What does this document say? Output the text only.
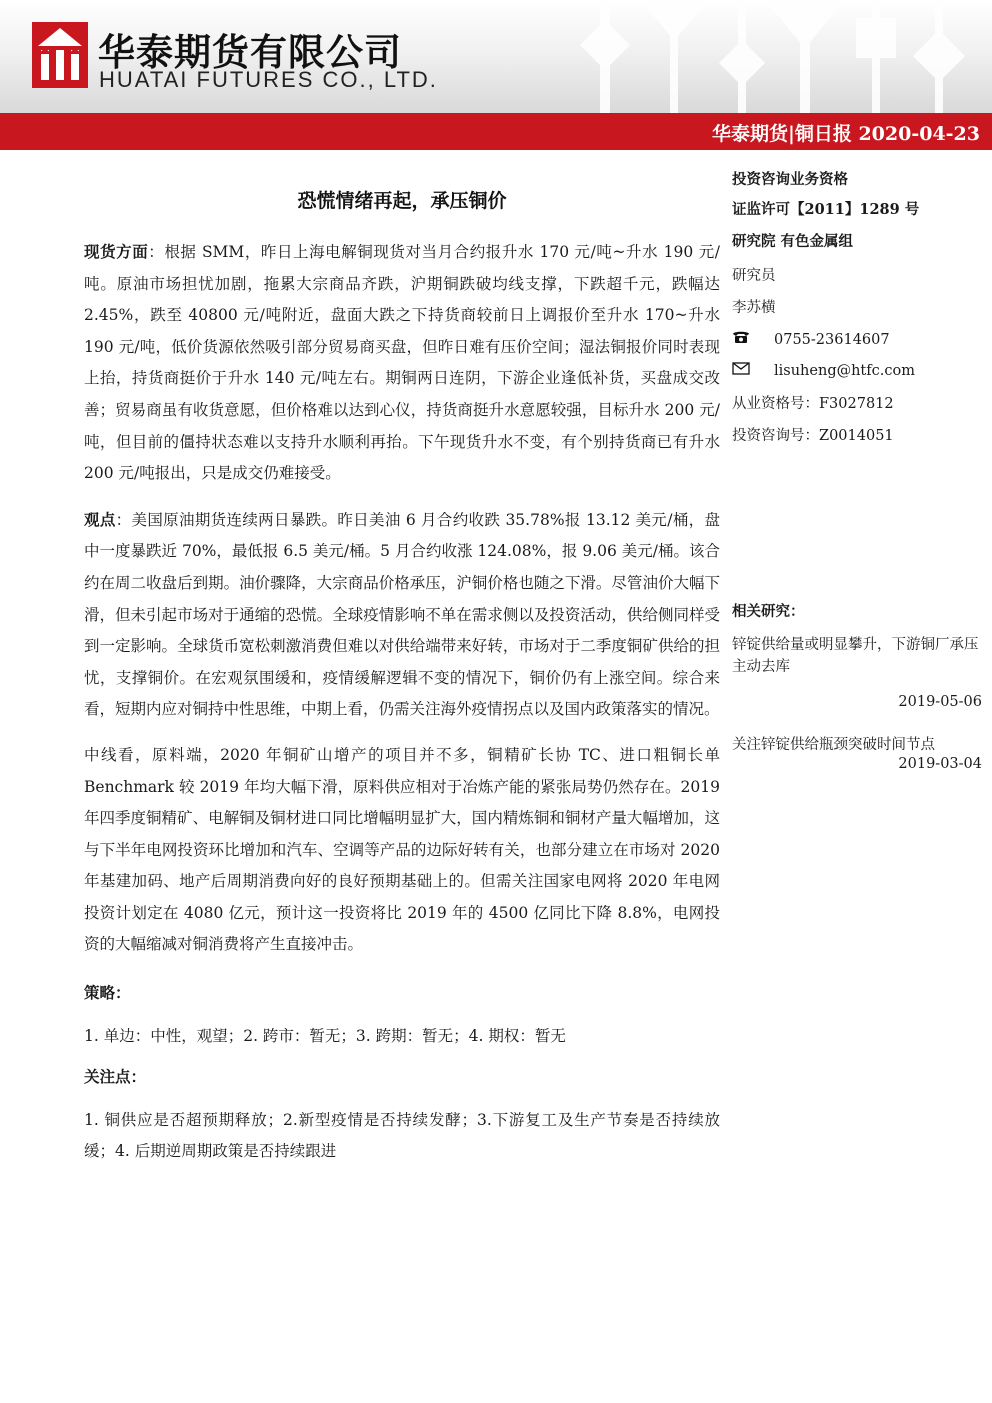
华泰期货有限公司
HUATAI FUTURES CO., LTD.
华泰期货|铜日报 2020-04-23
恐慌情绪再起，承压铜价

现货方面：根据 SMM，昨日上海电解铜现货对当月合约报升水 170 元/吨~升水 190 元/吨。原油市场担忧加剧，拖累大宗商品齐跌，沪期铜跌破均线支撑，下跌超千元，跌幅达 2.45%，跌至 40800 元/吨附近，盘面大跌之下持货商较前日上调报价至升水 170~升水 190 元/吨，低价货源依然吸引部分贸易商买盘，但昨日难有压价空间；湿法铜报价同时表现上抬，持货商挺价于升水 140 元/吨左右。期铜两日连阴，下游企业逢低补货，买盘成交改善；贸易商虽有收货意愿，但价格难以达到心仪，持货商挺升水意愿较强，目标升水 200 元/吨，但目前的僵持状态难以支持升水顺利再抬。下午现货升水不变，有个别持货商已有升水 200 元/吨报出，只是成交仍难接受。

观点：美国原油期货连续两日暴跌。昨日美油 6 月合约收跌 35.78%报 13.12 美元/桶，盘中一度暴跌近 70%，最低报 6.5 美元/桶。5 月合约收涨 124.08%，报 9.06 美元/桶。该合约在周二收盘后到期。油价骤降，大宗商品价格承压，沪铜价格也随之下滑。尽管油价大幅下滑，但未引起市场对于通缩的恐慌。全球疫情影响不单在需求侧以及投资活动，供给侧同样受到一定影响。全球货币宽松刺激消费但难以对供给端带来好转，市场对于二季度铜矿供给的担忧，支撑铜价。在宏观氛围缓和，疫情缓解逻辑不变的情况下，铜价仍有上涨空间。综合来看，短期内应对铜持中性思维，中期上看，仍需关注海外疫情拐点以及国内政策落实的情况。

中线看，原料端，2020 年铜矿山增产的项目并不多，铜精矿长协 TC、进口粗铜长单 Benchmark 较 2019 年均大幅下滑，原料供应相对于冶炼产能的紧张局势仍然存在。2019 年四季度铜精矿、电解铜及铜材进口同比增幅明显扩大，国内精炼铜和铜材产量大幅增加，这与下半年电网投资环比增加和汽车、空调等产品的边际好转有关，也部分建立在市场对 2020 年基建加码、地产后周期消费向好的良好预期基础上的。但需关注国家电网将 2020 年电网投资计划定在 4080 亿元，预计这一投资将比 2019 年的 4500 亿同比下降 8.8%，电网投资的大幅缩减对铜消费将产生直接冲击。

策略：

1. 单边：中性，观望；2. 跨市：暂无；3. 跨期：暂无；4. 期权：暂无

关注点：

1. 铜供应是否超预期释放；2.新型疫情是否持续发酵；3.下游复工及生产节奏是否持续放缓；4. 后期逆周期政策是否持续跟进

投资咨询业务资格
证监许可【2011】1289 号
研究院 有色金属组
研究员
李苏横
0755-23614607
lisuheng@htfc.com
从业资格号：F3027812
投资咨询号：Z0014051
相关研究：
锌锭供给量或明显攀升，下游铜厂承压主动去库
2019-05-06
关注锌锭供给瓶颈突破时间节点
2019-03-04
